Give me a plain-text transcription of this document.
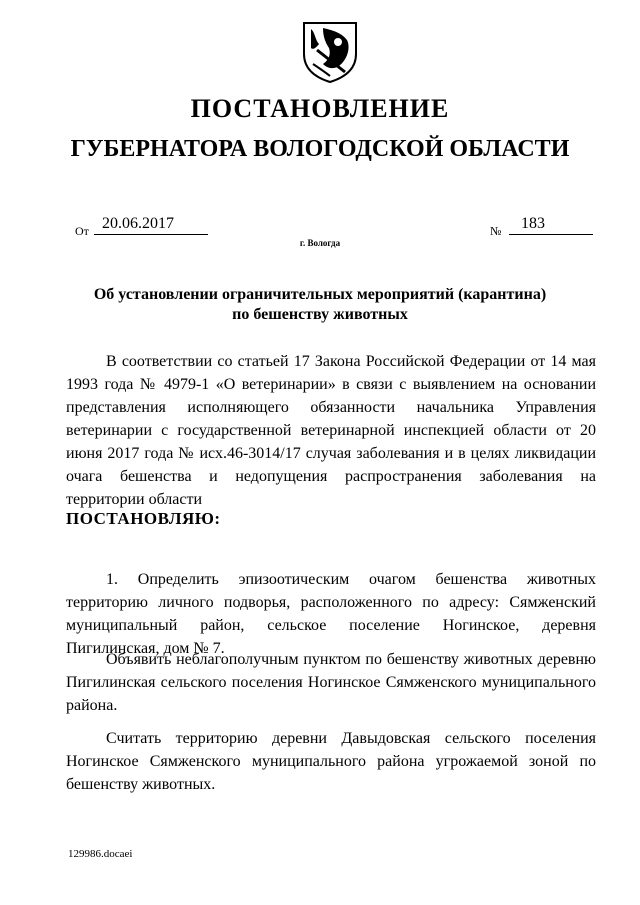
ПОСТАНОВЛЕНИЕ
ГУБЕРНАТОРА ВОЛОГОДСКОЙ ОБЛАСТИ
От 20.06.2017	№	183
г. Вологда
Об установлении ограничительных мероприятий (карантина)
по бешенству животных

В соответствии со статьей 17 Закона Российской Федерации от 14 мая 1993 года № 4979-1 «О ветеринарии» в связи с выявлением на основании представления исполняющего обязанности начальника Управления ветеринарии с государственной ветеринарной инспекцией области от 20 июня 2017 года № исх.46-3014/17 случая заболевания и в целях ликвидации очага бешенства и недопущения распространения заболевания на территории области

ПОСТАНОВЛЯЮ:

1. Определить эпизоотическим очагом бешенства животных территорию личного подворья, расположенного по адресу: Сямженский муниципальный район, сельское поселение Ногинское, деревня Пигилинская, дом № 7.

Объявить неблагополучным пунктом по бешенству животных деревню Пигилинская сельского поселения Ногинское Сямженского муниципального района.

Считать территорию деревни Давыдовская сельского поселения Ногинское Сямженского муниципального района угрожаемой зоной по бешенству животных.

129986.docaei
